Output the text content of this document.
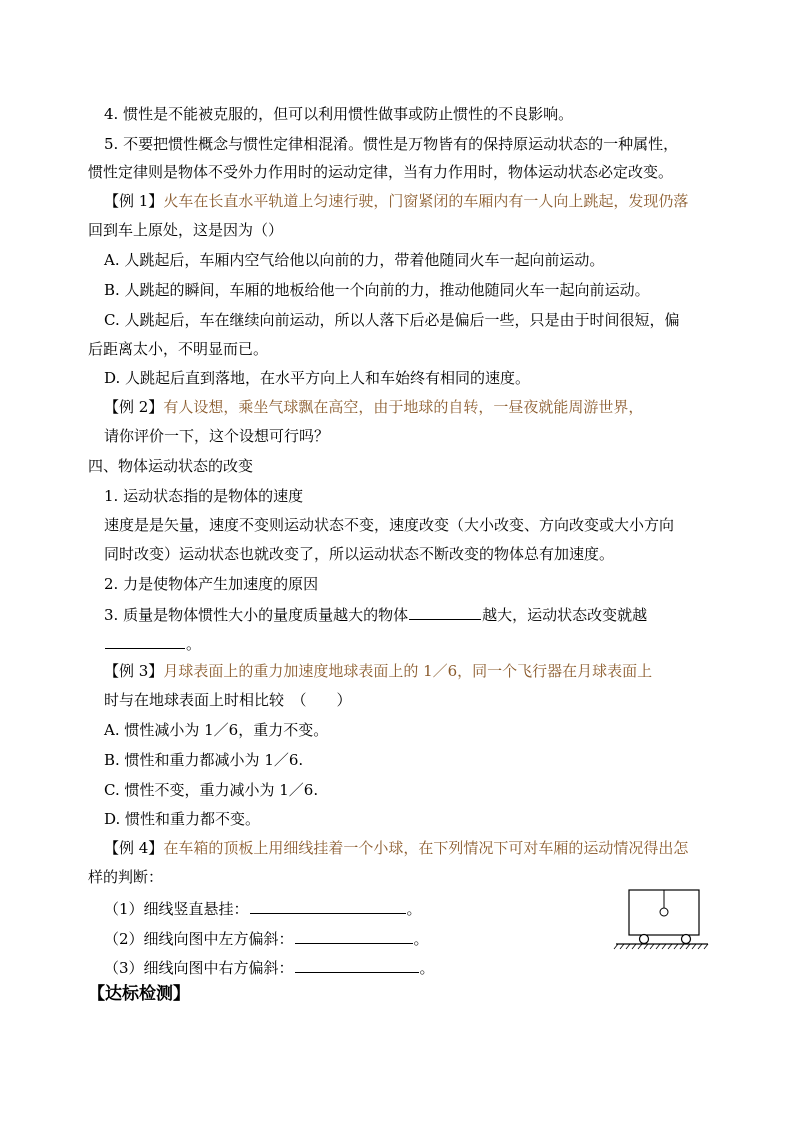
4. 惯性是不能被克服的，但可以利用惯性做事或防止惯性的不良影响。
5. 不要把惯性概念与惯性定律相混淆。惯性是万物皆有的保持原运动状态的一种属性，
惯性定律则是物体不受外力作用时的运动定律，当有力作用时，物体运动状态必定改变。
【例 1】火车在长直水平轨道上匀速行驶，门窗紧闭的车厢内有一人向上跳起，发现仍落
回到车上原处，这是因为（）
A. 人跳起后，车厢内空气给他以向前的力，带着他随同火车一起向前运动。
B. 人跳起的瞬间，车厢的地板给他一个向前的力，推动他随同火车一起向前运动。
C. 人跳起后，车在继续向前运动，所以人落下后必是偏后一些，只是由于时间很短，偏
后距离太小，不明显而已。
D. 人跳起后直到落地，在水平方向上人和车始终有相同的速度。
【例 2】有人设想，乘坐气球飘在高空，由于地球的自转，一昼夜就能周游世界，
请你评价一下，这个设想可行吗？
四、物体运动状态的改变
1. 运动状态指的是物体的速度
速度是是矢量，速度不变则运动状态不变，速度改变（大小改变、方向改变或大小方向
同时改变）运动状态也就改变了，所以运动状态不断改变的物体总有加速度。
2. 力是使物体产生加速度的原因
3. 质量是物体惯性大小的量度质量越大的物体	越大，运动状态改变就越
。
【例 3】月球表面上的重力加速度地球表面上的 1／6，同一个飞行器在月球表面上
时与在地球表面上时相比较　（　　）
A. 惯性减小为 1／6，重力不变。
B. 惯性和重力都减小为 1／6.
C. 惯性不变，重力减小为 1／6.
D. 惯性和重力都不变。
【例 4】在车箱的顶板上用细线挂着一个小球，在下列情况下可对车厢的运动情况得出怎
样的判断：
（1）细线竖直悬挂：	。
（2）细线向图中左方偏斜：	。
（3）细线向图中右方偏斜：	。
【达标检测】
